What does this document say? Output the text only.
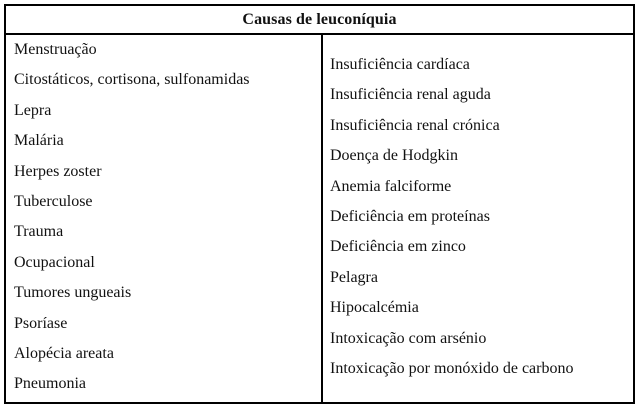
Causas de leuconíquia
Menstruação
Citostáticos, cortisona, sulfonamidas
Lepra
Malária
Herpes zoster
Tuberculose
Trauma
Ocupacional
Tumores ungueais
Psoríase
Alopécia areata
Pneumonia
Insuficiência cardíaca
Insuficiência renal aguda
Insuficiência renal crónica
Doença de Hodgkin
Anemia falciforme
Deficiência em proteínas
Deficiência em zinco
Pelagra
Hipocalcémia
Intoxicação com arsénio
Intoxicação por monóxido de carbono
